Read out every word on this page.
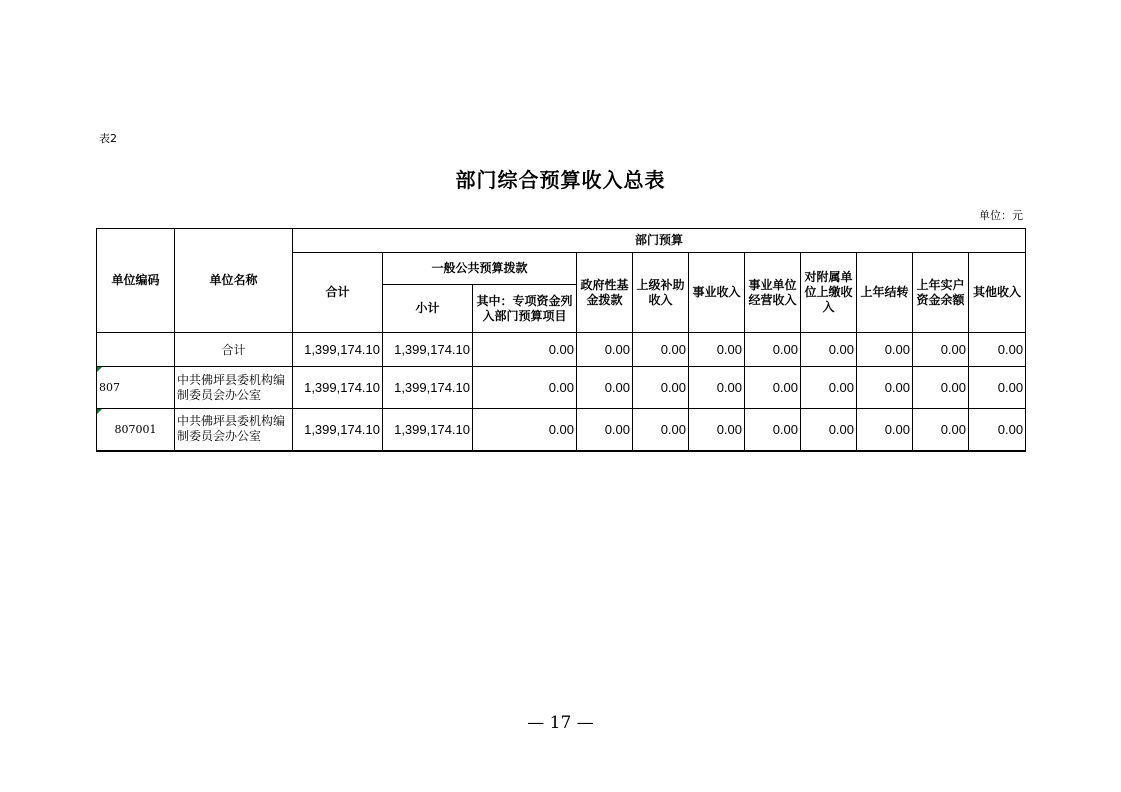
表2
部门综合预算收入总表
单位：元
单位编码	单位名称	部门预算										
		合计	一般公共预算拨款		政府性基金拨款	上级补助收入	事业收入	事业单位经营收入	对附属单位上缴收入	上年结转	上年实户资金余额	其他收入
			小计	其中：专项资金列入部门预算项目								
	合计	1,399,174.10	1,399,174.10	0.00	0.00	0.00	0.00	0.00	0.00	0.00	0.00	0.00

807	中共佛坪县委机构编制委员会办公室	1,399,174.10	1,399,174.10	0.00	0.00	0.00	0.00	0.00	0.00	0.00	0.00	0.00

807001	中共佛坪县委机构编制委员会办公室	1,399,174.10	1,399,174.10	0.00	0.00	0.00	0.00	0.00	0.00	0.00	0.00	0.00
— 17 —
